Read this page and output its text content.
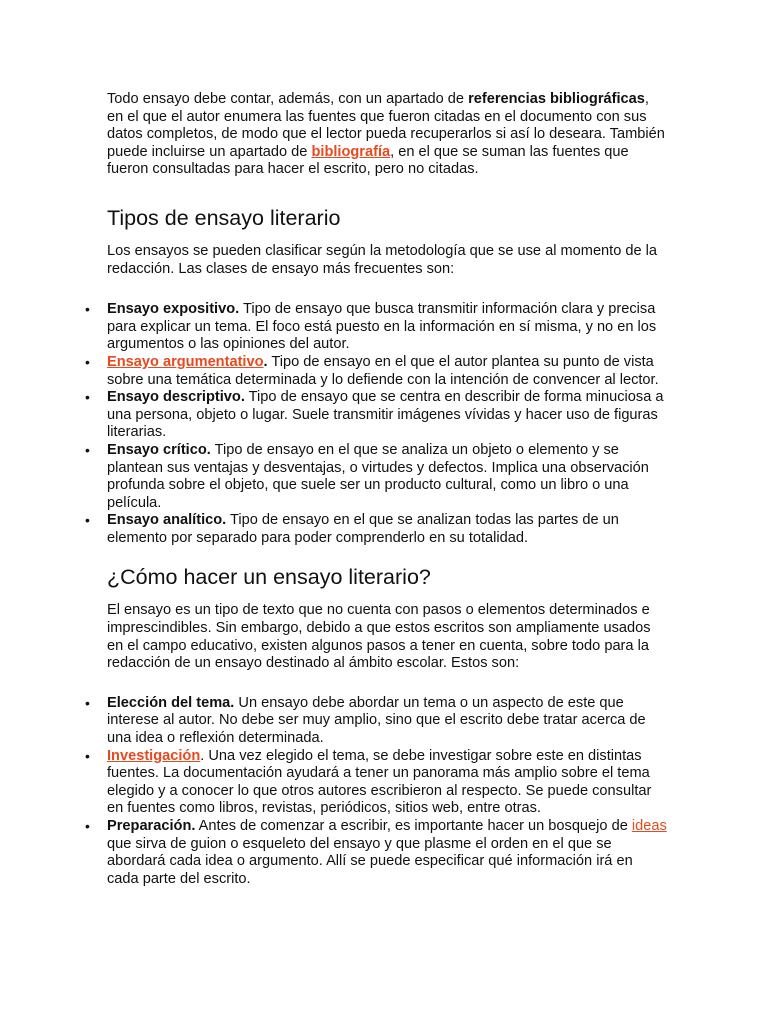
Todo ensayo debe contar, además, con un apartado de referencias bibliográficas, en el que el autor enumera las fuentes que fueron citadas en el documento con sus datos completos, de modo que el lector pueda recuperarlos si así lo deseara. También puede incluirse un apartado de bibliografía, en el que se suman las fuentes que fueron consultadas para hacer el escrito, pero no citadas.

Tipos de ensayo literario

Los ensayos se pueden clasificar según la metodología que se use al momento de la redacción. Las clases de ensayo más frecuentes son:

• Ensayo expositivo. Tipo de ensayo que busca transmitir información clara y precisa para explicar un tema. El foco está puesto en la información en sí misma, y no en los argumentos o las opiniones del autor.
• Ensayo argumentativo. Tipo de ensayo en el que el autor plantea su punto de vista sobre una temática determinada y lo defiende con la intención de convencer al lector.
• Ensayo descriptivo. Tipo de ensayo que se centra en describir de forma minuciosa a una persona, objeto o lugar. Suele transmitir imágenes vívidas y hacer uso de figuras literarias.
• Ensayo crítico. Tipo de ensayo en el que se analiza un objeto o elemento y se plantean sus ventajas y desventajas, o virtudes y defectos. Implica una observación profunda sobre el objeto, que suele ser un producto cultural, como un libro o una película.
• Ensayo analítico. Tipo de ensayo en el que se analizan todas las partes de un elemento por separado para poder comprenderlo en su totalidad.
¿Cómo hacer un ensayo literario?

El ensayo es un tipo de texto que no cuenta con pasos o elementos determinados e imprescindibles. Sin embargo, debido a que estos escritos son ampliamente usados en el campo educativo, existen algunos pasos a tener en cuenta, sobre todo para la redacción de un ensayo destinado al ámbito escolar. Estos son:

• Elección del tema. Un ensayo debe abordar un tema o un aspecto de este que interese al autor. No debe ser muy amplio, sino que el escrito debe tratar acerca de una idea o reflexión determinada.
• Investigación. Una vez elegido el tema, se debe investigar sobre este en distintas fuentes. La documentación ayudará a tener un panorama más amplio sobre el tema elegido y a conocer lo que otros autores escribieron al respecto. Se puede consultar en fuentes como libros, revistas, periódicos, sitios web, entre otras.
• Preparación. Antes de comenzar a escribir, es importante hacer un bosquejo de ideas que sirva de guion o esqueleto del ensayo y que plasme el orden en el que se abordará cada idea o argumento. Allí se puede especificar qué información irá en cada parte del escrito.
